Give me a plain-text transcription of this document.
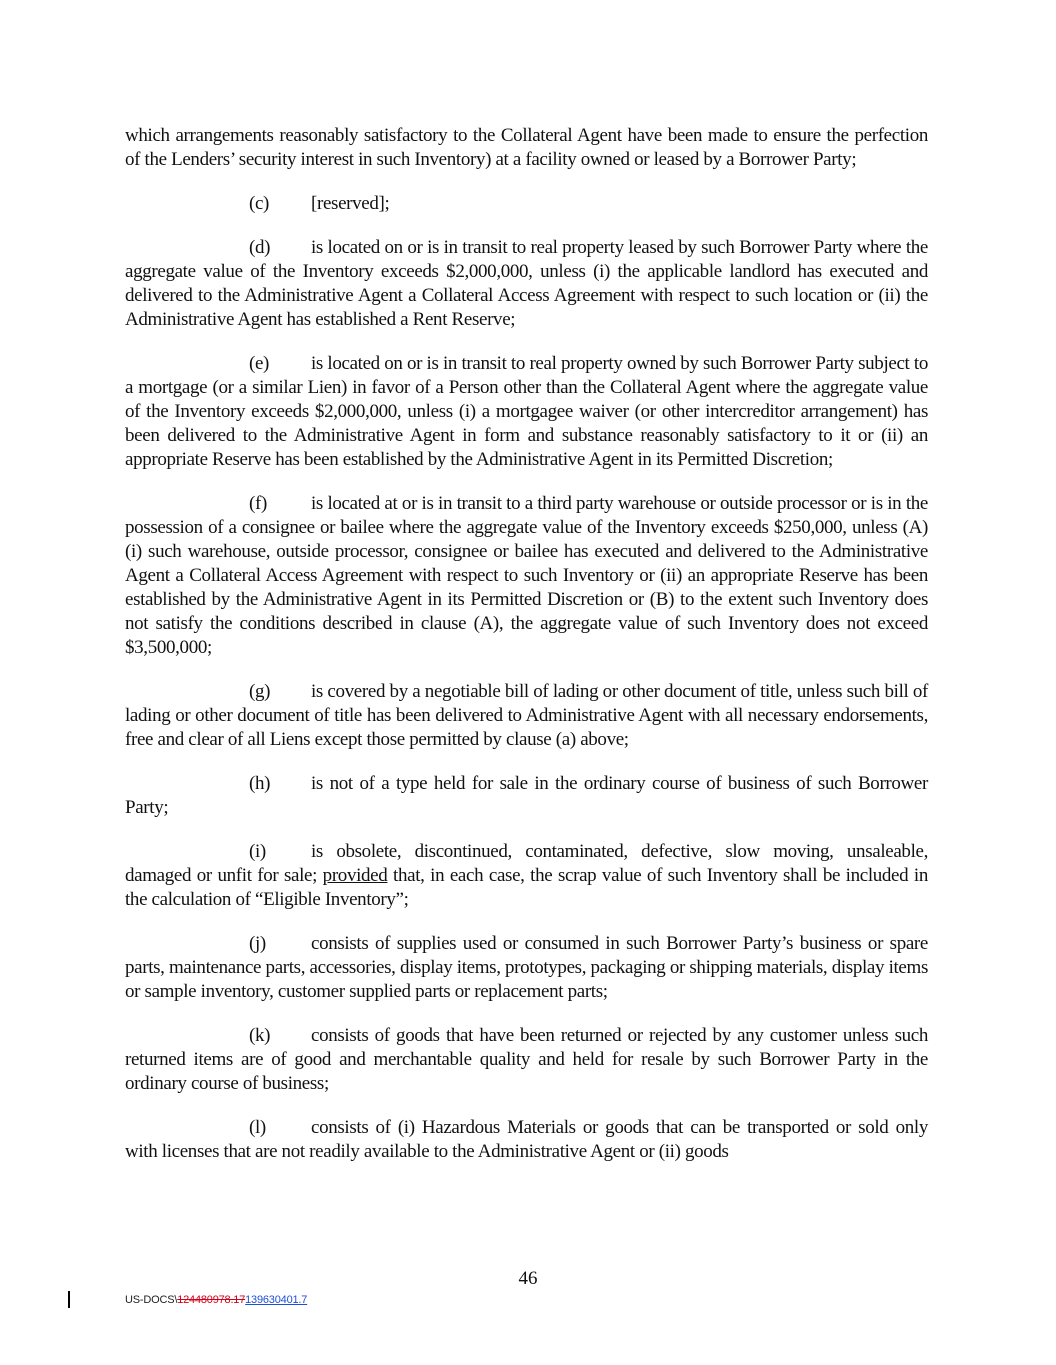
which arrangements reasonably satisfactory to the Collateral Agent have been made to ensure the perfection of the Lenders’ security interest in such Inventory) at a facility owned or leased by a Borrower Party;

(c) [reserved];

(d) is located on or is in transit to real property leased by such Borrower Party where the aggregate value of the Inventory exceeds $2,000,000, unless (i) the applicable landlord has executed and delivered to the Administrative Agent a Collateral Access Agreement with respect to such location or (ii) the Administrative Agent has established a Rent Reserve;

(e) is located on or is in transit to real property owned by such Borrower Party subject to a mortgage (or a similar Lien) in favor of a Person other than the Collateral Agent where the aggregate value of the Inventory exceeds $2,000,000, unless (i) a mortgagee waiver (or other intercreditor arrangement) has been delivered to the Administrative Agent in form and substance reasonably satisfactory to it or (ii) an appropriate Reserve has been established by the Administrative Agent in its Permitted Discretion;

(f) is located at or is in transit to a third party warehouse or outside processor or is in the possession of a consignee or bailee where the aggregate value of the Inventory exceeds $250,000, unless (A) (i) such warehouse, outside processor, consignee or bailee has executed and delivered to the Administrative Agent a Collateral Access Agreement with respect to such Inventory or (ii) an appropriate Reserve has been established by the Administrative Agent in its Permitted Discretion or (B) to the extent such Inventory does not satisfy the conditions described in clause (A), the aggregate value of such Inventory does not exceed $3,500,000;

(g) is covered by a negotiable bill of lading or other document of title, unless such bill of lading or other document of title has been delivered to Administrative Agent with all necessary endorsements, free and clear of all Liens except those permitted by clause (a) above;

(h) is not of a type held for sale in the ordinary course of business of such Borrower Party;

(i) is obsolete, discontinued, contaminated, defective, slow moving, unsaleable, damaged or unfit for sale; provided that, in each case, the scrap value of such Inventory shall be included in the calculation of “Eligible Inventory”;

(j) consists of supplies used or consumed in such Borrower Party’s business or spare parts, maintenance parts, accessories, display items, prototypes, packaging or shipping materials, display items or sample inventory, customer supplied parts or replacement parts;

(k) consists of goods that have been returned or rejected by any customer unless such returned items are of good and merchantable quality and held for resale by such Borrower Party in the ordinary course of business;

(l) consists of (i) Hazardous Materials or goods that can be transported or sold only with licenses that are not readily available to the Administrative Agent or (ii) goods

46
US-DOCS\124480978.17139630401.7
